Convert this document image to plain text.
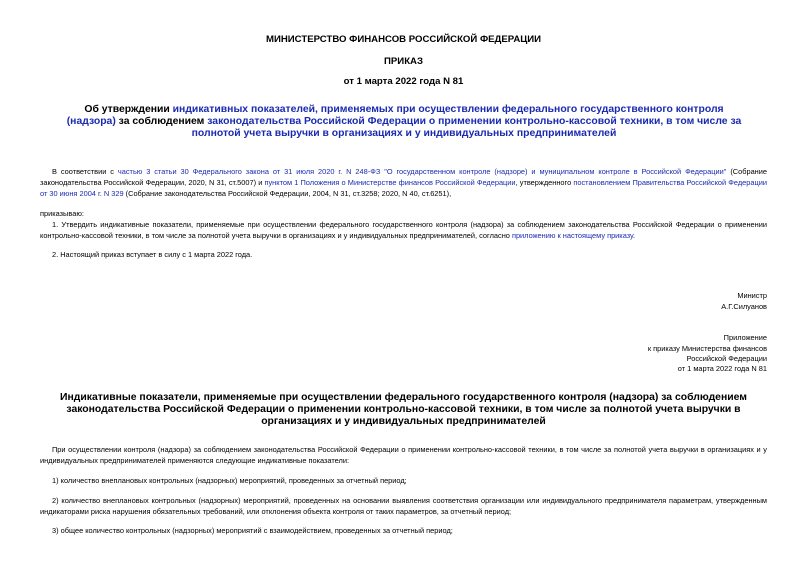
МИНИСТЕРСТВО ФИНАНСОВ РОССИЙСКОЙ ФЕДЕРАЦИИ
ПРИКАЗ
от 1 марта 2022 года N 81
Об утверждении индикативных показателей, применяемых при осуществлении федерального государственного контроля (надзора) за соблюдением законодательства Российской Федерации о применении контрольно-кассовой техники, в том числе за полнотой учета выручки в организациях и у индивидуальных предпринимателей
В соответствии с частью 3 статьи 30 Федерального закона от 31 июля 2020 г. N 248-ФЗ "О государственном контроле (надзоре) и муниципальном контроле в Российской Федерации" (Собрание законодательства Российской Федерации, 2020, N 31, ст.5007) и пунктом 1 Положения о Министерстве финансов Российской Федерации, утвержденного постановлением Правительства Российской Федерации от 30 июня 2004 г. N 329 (Собрание законодательства Российской Федерации, 2004, N 31, ст.3258; 2020, N 40, ст.6251),
приказываю:
1. Утвердить индикативные показатели, применяемые при осуществлении федерального государственного контроля (надзора) за соблюдением законодательства Российской Федерации о применении контрольно-кассовой техники, в том числе за полнотой учета выручки в организациях и у индивидуальных предпринимателей, согласно приложению к настоящему приказу.
2. Настоящий приказ вступает в силу с 1 марта 2022 года.
Министр
А.Г.Силуанов
Приложение
к приказу Министерства финансов
Российской Федерации
от 1 марта 2022 года N 81
Индикативные показатели, применяемые при осуществлении федерального государственного контроля (надзора) за соблюдением законодательства Российской Федерации о применении контрольно-кассовой техники, в том числе за полнотой учета выручки в организациях и у индивидуальных предпринимателей
При осуществлении контроля (надзора) за соблюдением законодательства Российской Федерации о применении контрольно-кассовой техники, в том числе за полнотой учета выручки в организациях и у индивидуальных предпринимателей применяются следующие индикативные показатели:
1) количество внеплановых контрольных (надзорных) мероприятий, проведенных за отчетный период;
2) количество внеплановых контрольных (надзорных) мероприятий, проведенных на основании выявления соответствия организации или индивидуального предпринимателя параметрам, утвержденным индикаторами риска нарушения обязательных требований, или отклонения объекта контроля от таких параметров, за отчетный период;
3) общее количество контрольных (надзорных) мероприятий с взаимодействием, проведенных за отчетный период;
